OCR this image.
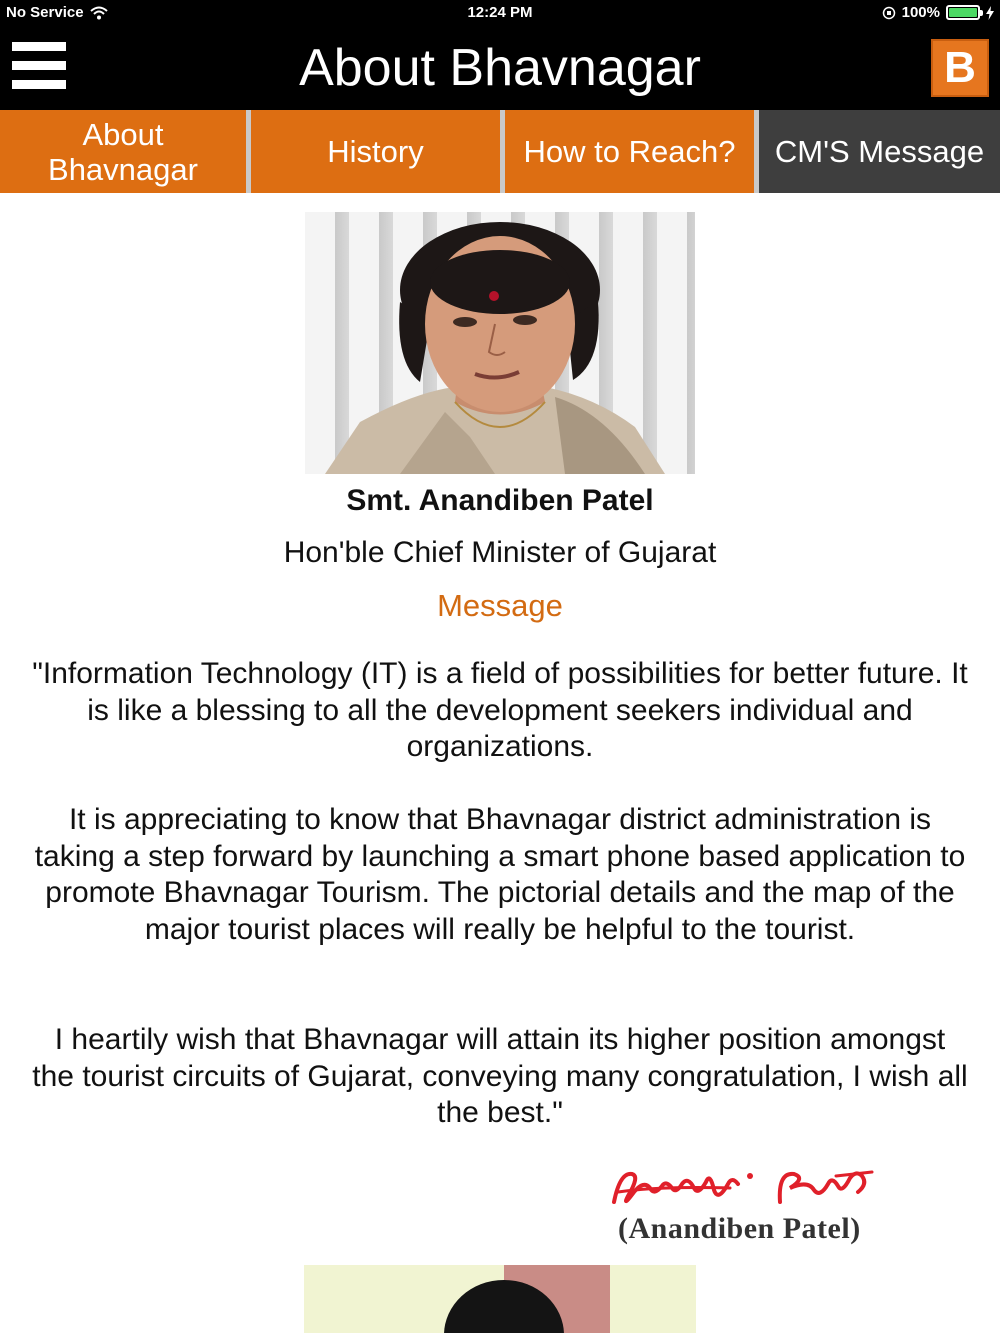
No Service	12:24 PM	100%
About Bhavnagar	B
About Bhavnagar	History	How to Reach?	CM'S Message
Smt. Anandiben Patel
Hon'ble Chief Minister of Gujarat
Message

"Information Technology (IT) is a field of possibilities for better future. It is like a blessing to all the development seekers individual and organizations.

It is appreciating to know that Bhavnagar district administration is taking a step forward by launching a smart phone based application to promote Bhavnagar Tourism. The pictorial details and the map of the major tourist places will really be helpful to the tourist.

I heartily wish that Bhavnagar will attain its higher position amongst the tourist circuits of Gujarat, conveying many congratulation, I wish all the best."

(Anandiben Patel)
